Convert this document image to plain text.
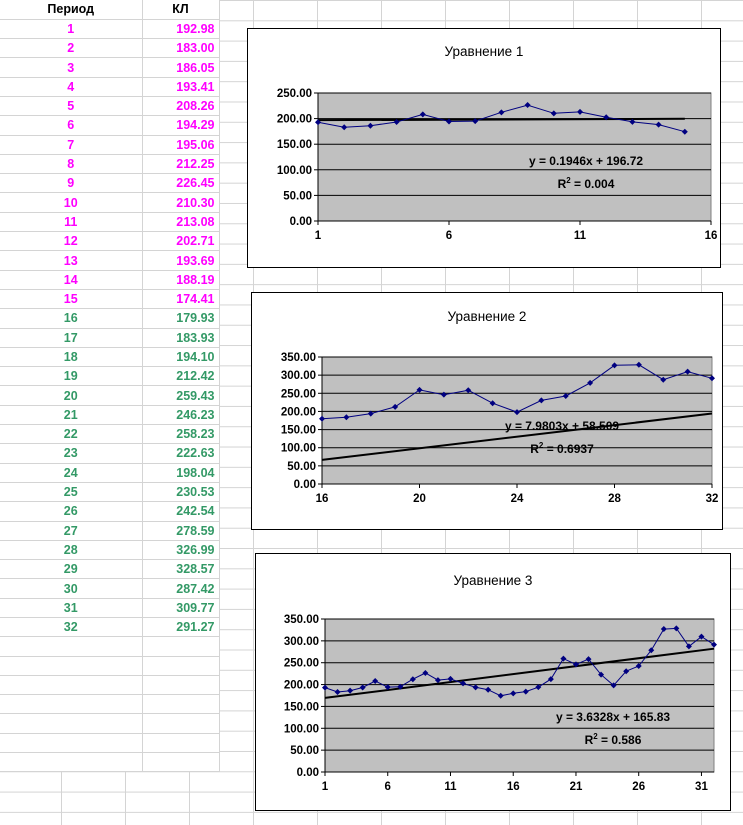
Период	КЛ
1	192.98
2	183.00
3	186.05
4	193.41
5	208.26
6	194.29
7	195.06
8	212.25
9	226.45
10	210.30
11	213.08
12	202.71
13	193.69
14	188.19
15	174.41
16	179.93
17	183.93
18	194.10
19	212.42
20	259.43
21	246.23
22	258.23
23	222.63
24	198.04
25	230.53
26	242.54
27	278.59
28	326.99
29	328.57
30	287.42
31	309.77
32	291.27

Уравнение 1
0.00
50.00
100.00
150.00
200.00
250.00
1	6	11	16
y = 0.1946x + 196.72
$R^2 = 0.004$
Уравнение 2
0.00
50.00
100.00
150.00
200.00
250.00
300.00
350.00
16	20	24	28	32
y = 7.9803x + 58.509
$R^2 = 0.6937$
Уравнение 3
0.00
50.00
100.00
150.00
200.00
250.00
300.00
350.00
1	6	11	16	21	26	31
y = 3.6328x + 165.83
$R^2 = 0.586$
